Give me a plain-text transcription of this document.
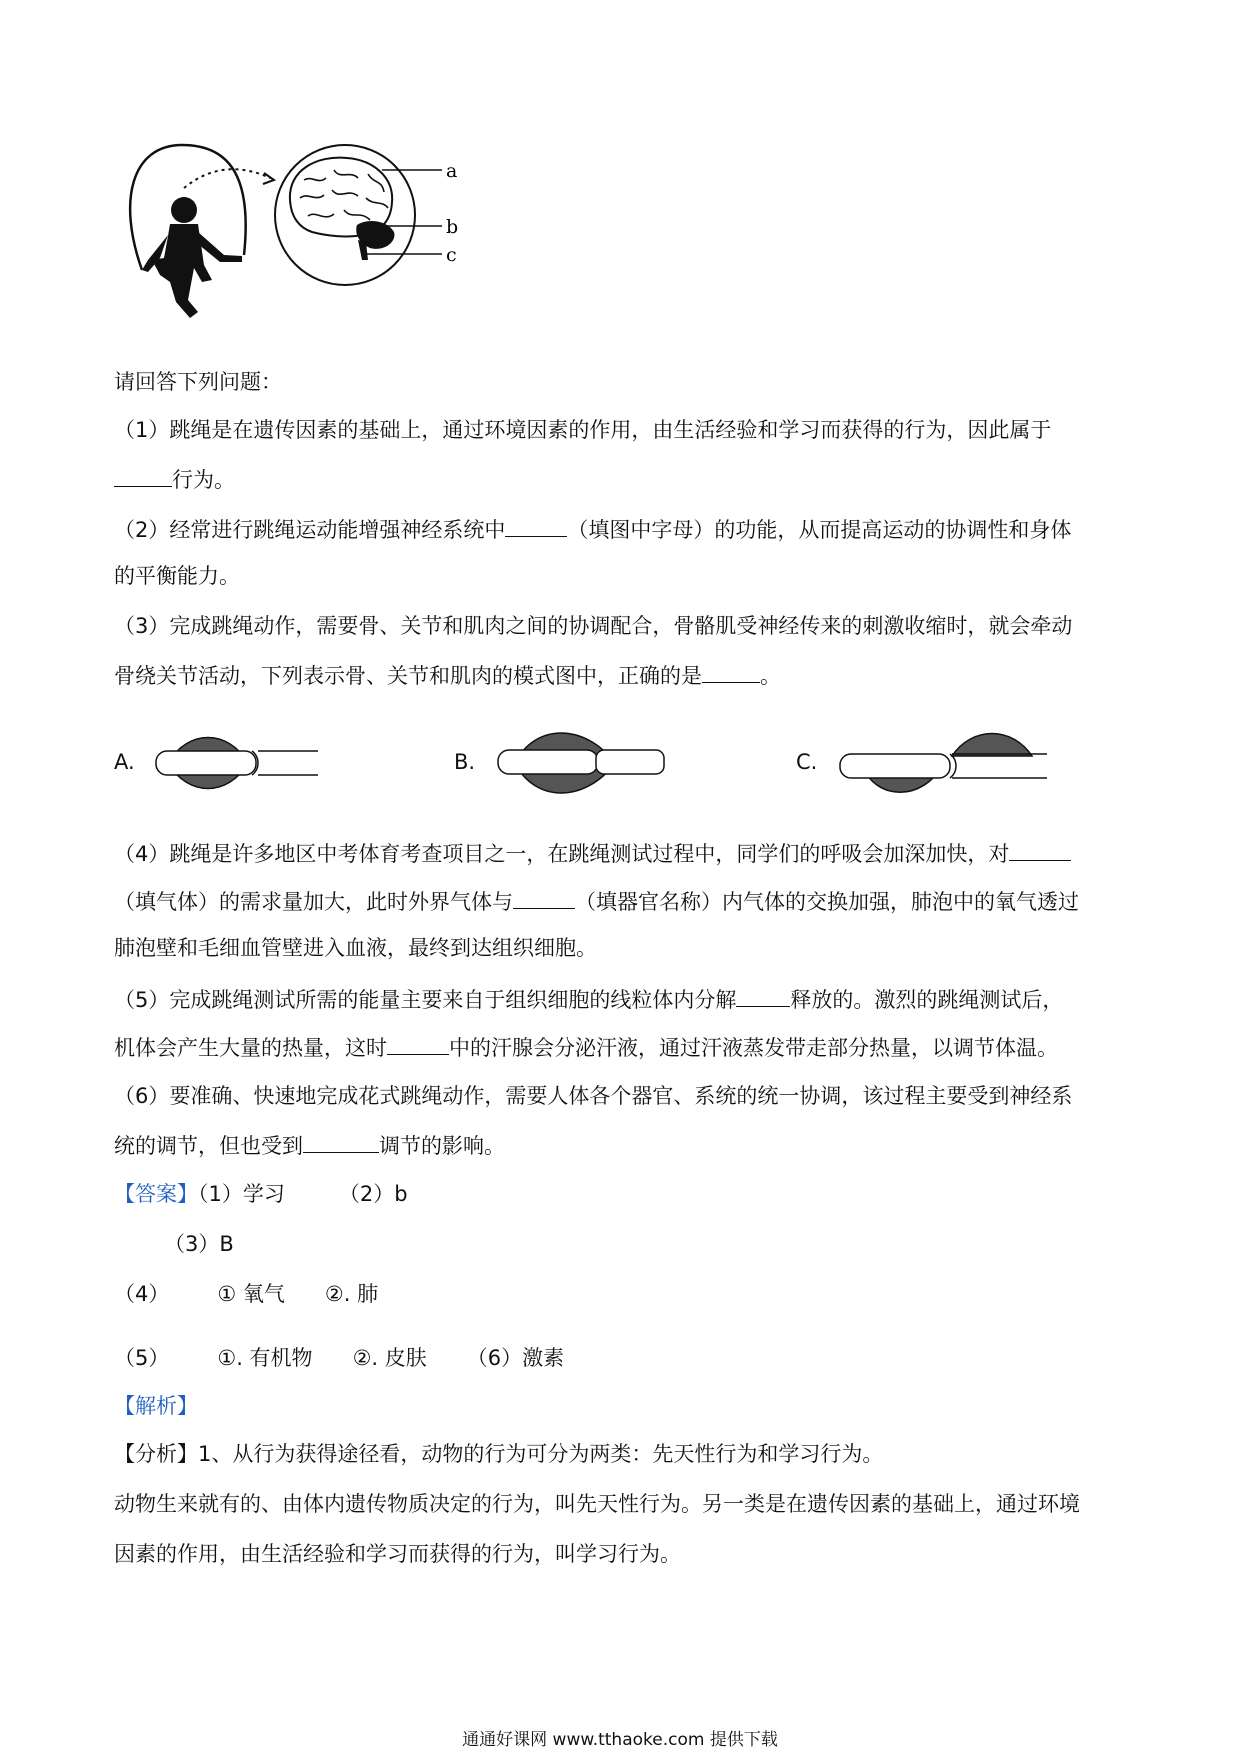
a
b
c
请回答下列问题：
（1）跳绳是在遗传因素的基础上，通过环境因素的作用，由生活经验和学习而获得的行为，因此属于
行为。
（2）经常进行跳绳运动能增强神经系统中	（填图中字母）的功能，从而提高运动的协调性和身体
的平衡能力。
（3）完成跳绳动作，需要骨、关节和肌肉之间的协调配合，骨骼肌受神经传来的刺激收缩时，就会牵动
骨绕关节活动，下列表示骨、关节和肌肉的模式图中，正确的是	。
A.	B.	C.
（4）跳绳是许多地区中考体育考查项目之一，在跳绳测试过程中，同学们的呼吸会加深加快，对
（填气体）的需求量加大，此时外界气体与	（填器官名称）内气体的交换加强，肺泡中的氧气透过
肺泡壁和毛细血管壁进入血液，最终到达组织细胞。
（5）完成跳绳测试所需的能量主要来自于组织细胞的线粒体内分解	释放的。激烈的跳绳测试后，
机体会产生大量的热量，这时	中的汗腺会分泌汗液，通过汗液蒸发带走部分热量，以调节体温。
（6）要准确、快速地完成花式跳绳动作，需要人体各个器官、系统的统一协调，该过程主要受到神经系
统的调节，但也受到	调节的影响。
【答案】（1）学习	（2）b
（3）B
（4） ① 氧气 ②. 肺
（5） ①. 有机物 ②. 皮肤 （6）激素
【解析】
【分析】1、从行为获得途径看，动物的行为可分为两类：先天性行为和学习行为。
动物生来就有的、由体内遗传物质决定的行为，叫先天性行为。另一类是在遗传因素的基础上，通过环境
因素的作用，由生活经验和学习而获得的行为，叫学习行为。
通通好课网 www.tthaoke.com 提供下载
